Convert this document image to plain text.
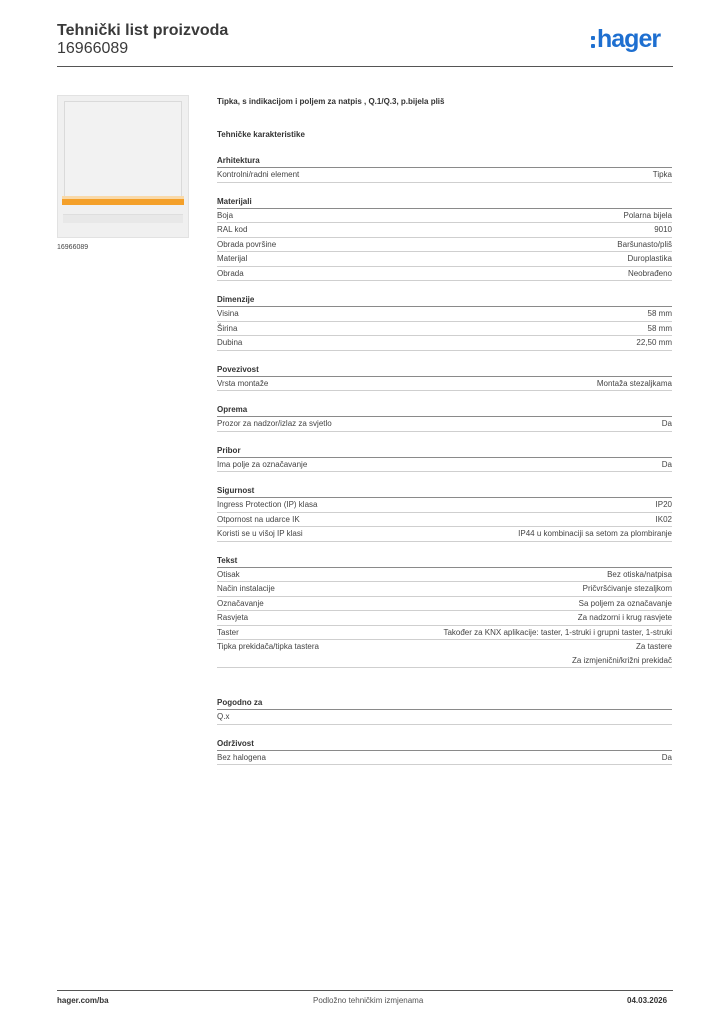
Tehnički list proizvoda
16966089	hager
16966089
Tipka, s indikacijom i poljem za natpis , Q.1/Q.3, p.bijela pliš
Tehničke karakteristike
Arhitektura
Kontrolni/radni element	Tipka
Materijali
Boja	Polarna bijela
RAL kod	9010
Obrada površine	Baršunasto/pliš
Materijal	Duroplastika
Obrada	Neobrađeno
Dimenzije
Visina	58 mm
Širina	58 mm
Dubina	22,50 mm
Povezivost
Vrsta montaže	Montaža stezaljkama
Oprema
Prozor za nadzor/izlaz za svjetlo	Da
Pribor
Ima polje za označavanje	Da
Sigurnost
Ingress Protection (IP) klasa	IP20
Otpornost na udarce IK	IK02
Koristi se u višoj IP klasi	IP44 u kombinaciji sa setom za plombiranje
Tekst
Otisak	Bez otiska/natpisa
Način instalacije	Pričvršćivanje stezaljkom
Označavanje	Sa poljem za označavanje
Rasvjeta	Za nadzorni i krug rasvjete
Taster	Također za KNX aplikacije: taster, 1-struki i grupni taster, 1-struki
Tipka prekidača/tipka tastera	Za tastere
Za izmjenični/križni prekidač
Pogodno za
Q.x
Održivost
Bez halogena	Da
hager.com/ba	Podložno tehničkim izmjenama	04.03.2026
